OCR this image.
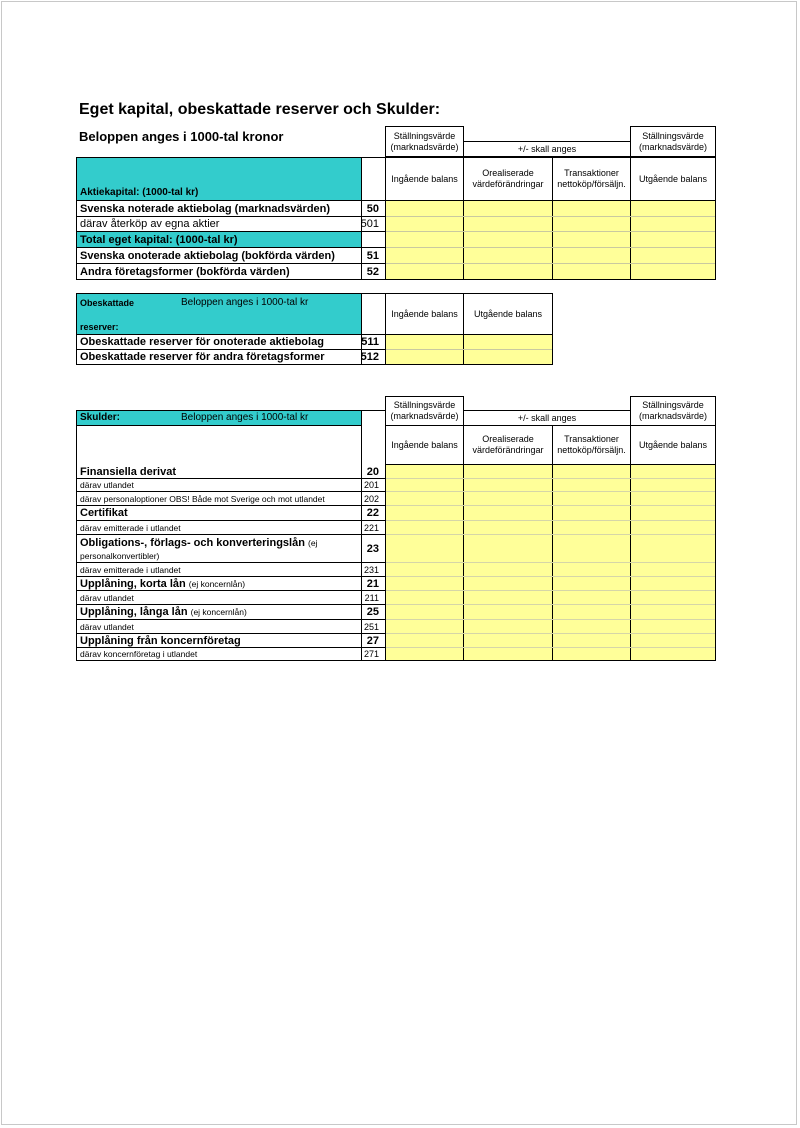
Eget kapital, obeskattade reserver och Skulder:
Beloppen anges i 1000-tal kronor	Ställningsvärde
(marknadsvärde)	+/- skall anges
Ställningsvärde
(marknadsvärde)
Aktiekapital: (1000-tal kr)
Ingående balans
Orealiserade
värdeförändringar
Transaktioner
nettoköp/försäljn.
Utgående balans
Svenska noterade aktiebolag (marknadsvärden)	50
därav återköp av egna aktier	501
Total eget kapital: (1000-tal kr)
Svenska onoterade aktiebolag (bokförda värden)	51
Andra företagsformer (bokförda värden)	52
Obeskattade
reserver:
Beloppen anges i 1000-tal kr
Ingående balans	Utgående balans
Obeskattade reserver för onoterade aktiebolag	511
Obeskattade reserver för andra företagsformer	512
Ställningsvärde
(marknadsvärde)	+/- skall anges
Ställningsvärde
(marknadsvärde)
Skulder:	Beloppen anges i 1000-tal kr
Ingående balans
Orealiserade
värdeförändringar
Transaktioner
nettoköp/försäljn.
Utgående balans
Finansiella derivat	20
därav utlandet	201
därav personaloptioner OBS! Både mot Sverige och mot utlandet	202
Certifikat	22
därav emitterade i utlandet	221
Obligations-, förlags- och konverteringslån (ej
personalkonvertibler)
23
därav emitterade i utlandet	231
Upplåning, korta lån
(ej koncernlån)	21
därav utlandet	211
Upplåning, långa lån
(ej koncernlån)	25
därav utlandet	251
Upplåning från koncernföretag	27
därav koncernföretag i utlandet	271
